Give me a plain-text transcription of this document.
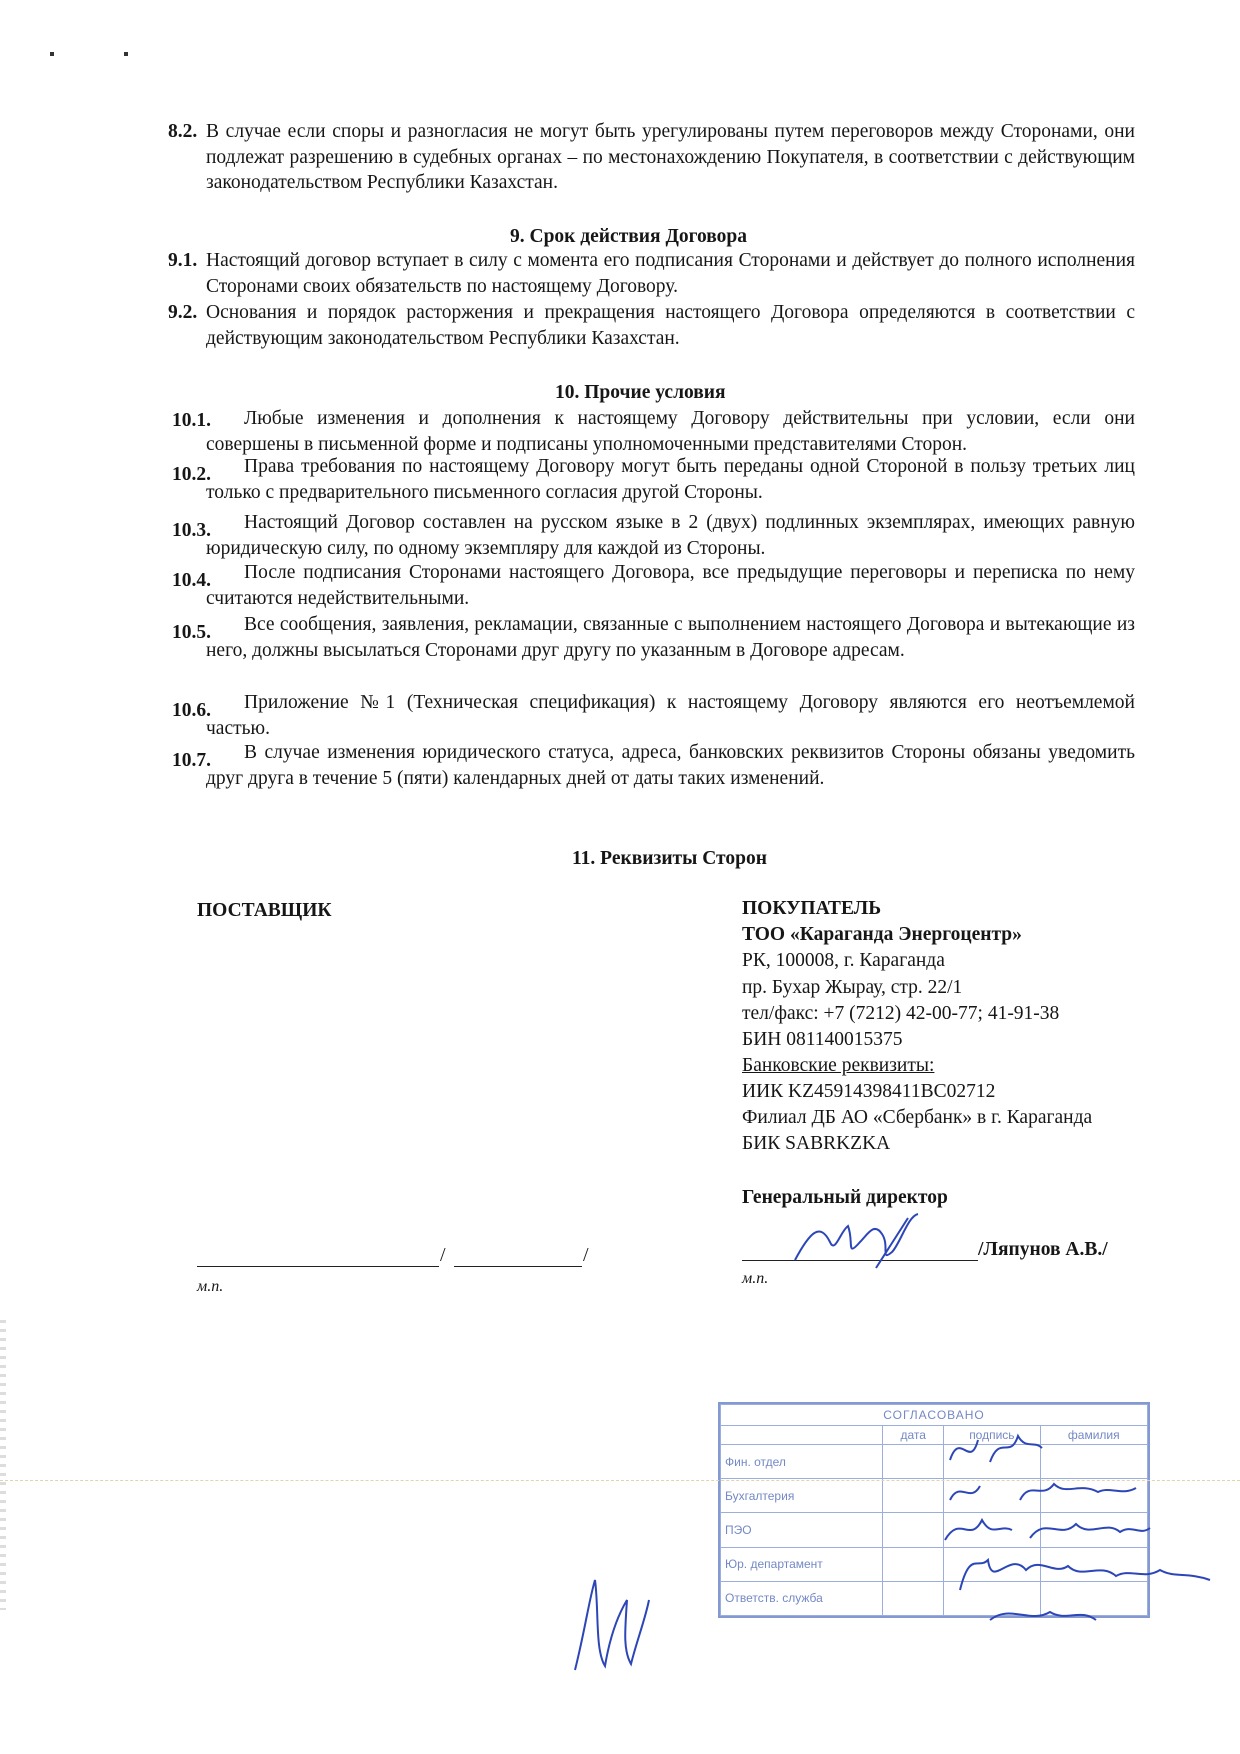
8.2. В случае если споры и разногласия не могут быть урегулированы путем переговоров между Сторонами, они подлежат разрешению в судебных органах – по местонахождению Покупателя, в соответствии с действующим законодательством Республики Казахстан.
9. Срок действия Договора
9.1. Настоящий договор вступает в силу с момента его подписания Сторонами и действует до полного исполнения Сторонами своих обязательств по настоящему Договору.
9.2. Основания и порядок расторжения и прекращения настоящего Договора определяются в соответствии с действующим законодательством Республики Казахстан.
10. Прочие условия
10.1.	Любые изменения и дополнения к настоящему Договору действительны при условии, если они совершены в письменной форме и подписаны уполномоченными представителями Сторон.
10.2.	Права требования по настоящему Договору могут быть переданы одной Стороной в пользу третьих лиц только с предварительного письменного согласия другой Стороны.
10.3.	Настоящий Договор составлен на русском языке в 2 (двух) подлинных экземплярах, имеющих равную юридическую силу, по одному экземпляру для каждой из Стороны.
10.4.	После подписания Сторонами настоящего Договора, все предыдущие переговоры и переписка по нему считаются недействительными.
10.5.	Все сообщения, заявления, рекламации, связанные с выполнением настоящего Договора и вытекающие из него, должны высылаться Сторонами друг другу по указанным в Договоре адресам.
10.6.	Приложение №1 (Техническая спецификация) к настоящему Договору являются его неотъемлемой частью.
10.7.	В случае изменения юридического статуса, адреса, банковских реквизитов Стороны обязаны уведомить друг друга в течение 5 (пяти) календарных дней от даты таких изменений.
11. Реквизиты Сторон
ПОСТАВЩИК
/	/
м.п.
ПОКУПАТЕЛЬ
ТОО «Караганда Энергоцентр»
РК, 100008, г. Караганда
пр. Бухар Жырау, стр. 22/1
тел/факс: +7 (7212) 42-00-77; 41-91-38
БИН 081140015375
Банковские реквизиты:
ИИК KZ45914398411BC02712
Филиал ДБ АО «Сбербанк» в г. Караганда
БИК SABRKZKA
Генеральный директор
/Ляпунов А.В./
м.п.
СОГЛАСОВАНО			
	дата	подпись	фамилия
Фин. отдел			
Бухгалтерия			
ПЭО			
Юр. департамент			
Ответств. служба			
